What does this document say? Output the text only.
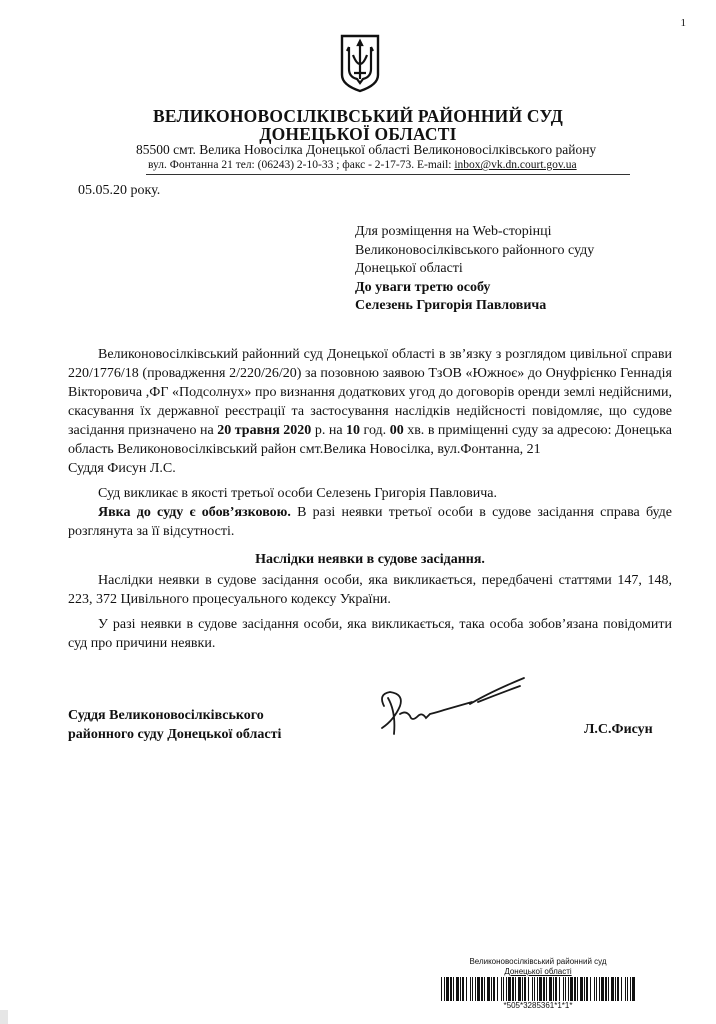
1
ВЕЛИКОНОВОСІЛКІВСЬКИЙ РАЙОННИЙ СУД
ДОНЕЦЬКОЇ ОБЛАСТІ
85500 смт. Велика Новосілка Донецької області Великоновосілківського району
вул. Фонтанна 21 тел: (06243) 2-10-33 ; факс - 2-17-73. E-mail: inbox@vk.dn.court.gov.ua
05.05.20 року.
Для розміщення на Web-сторінці
Великоновосілківського районного суду
Донецької області
До уваги третю особу
Селезень Григорія Павловича

Великоновосілківський районний суд Донецької області в зв’язку з розглядом цивільної справи 220/1776/18 (провадження 2/220/26/20) за позовною заявою ТзОВ «Южноє» до Онуфрієнко Геннадія Вікторовича ,ФГ «Подсолнух» про визнання додаткових угод до договорів оренди землі недійсними, скасування їх державної реєстрації та застосування наслідків недійсності повідомляє, що судове засідання призначено на 20 травня 2020 р. на 10 год. 00 хв. в приміщенні суду за адресою: Донецька область Великоновосілківський район смт.Велика Новосілка, вул.Фонтанна, 21
Суддя Фисун Л.С.

Суд викликає в якості третьої особи Селезень Григорія Павловича.

Явка до суду є обов’язковою. В разі неявки третьої особи в судове засідання справа буде розглянута за її відсутності.

Наслідки неявки в судове засідання.

Наслідки неявки в судове засідання особи, яка викликається, передбачені статтями 147, 148, 223, 372 Цивільного процесуального кодексу України.

У разі неявки в судове засідання особи, яка викликається, така особа зобов’язана повідомити суд про причини неявки.

Суддя Великоновосілківського
районного суду Донецької області	Л.С.Фисун
Великоновосілківський районний суд
Донецької області
*505*3285361*1*1*
